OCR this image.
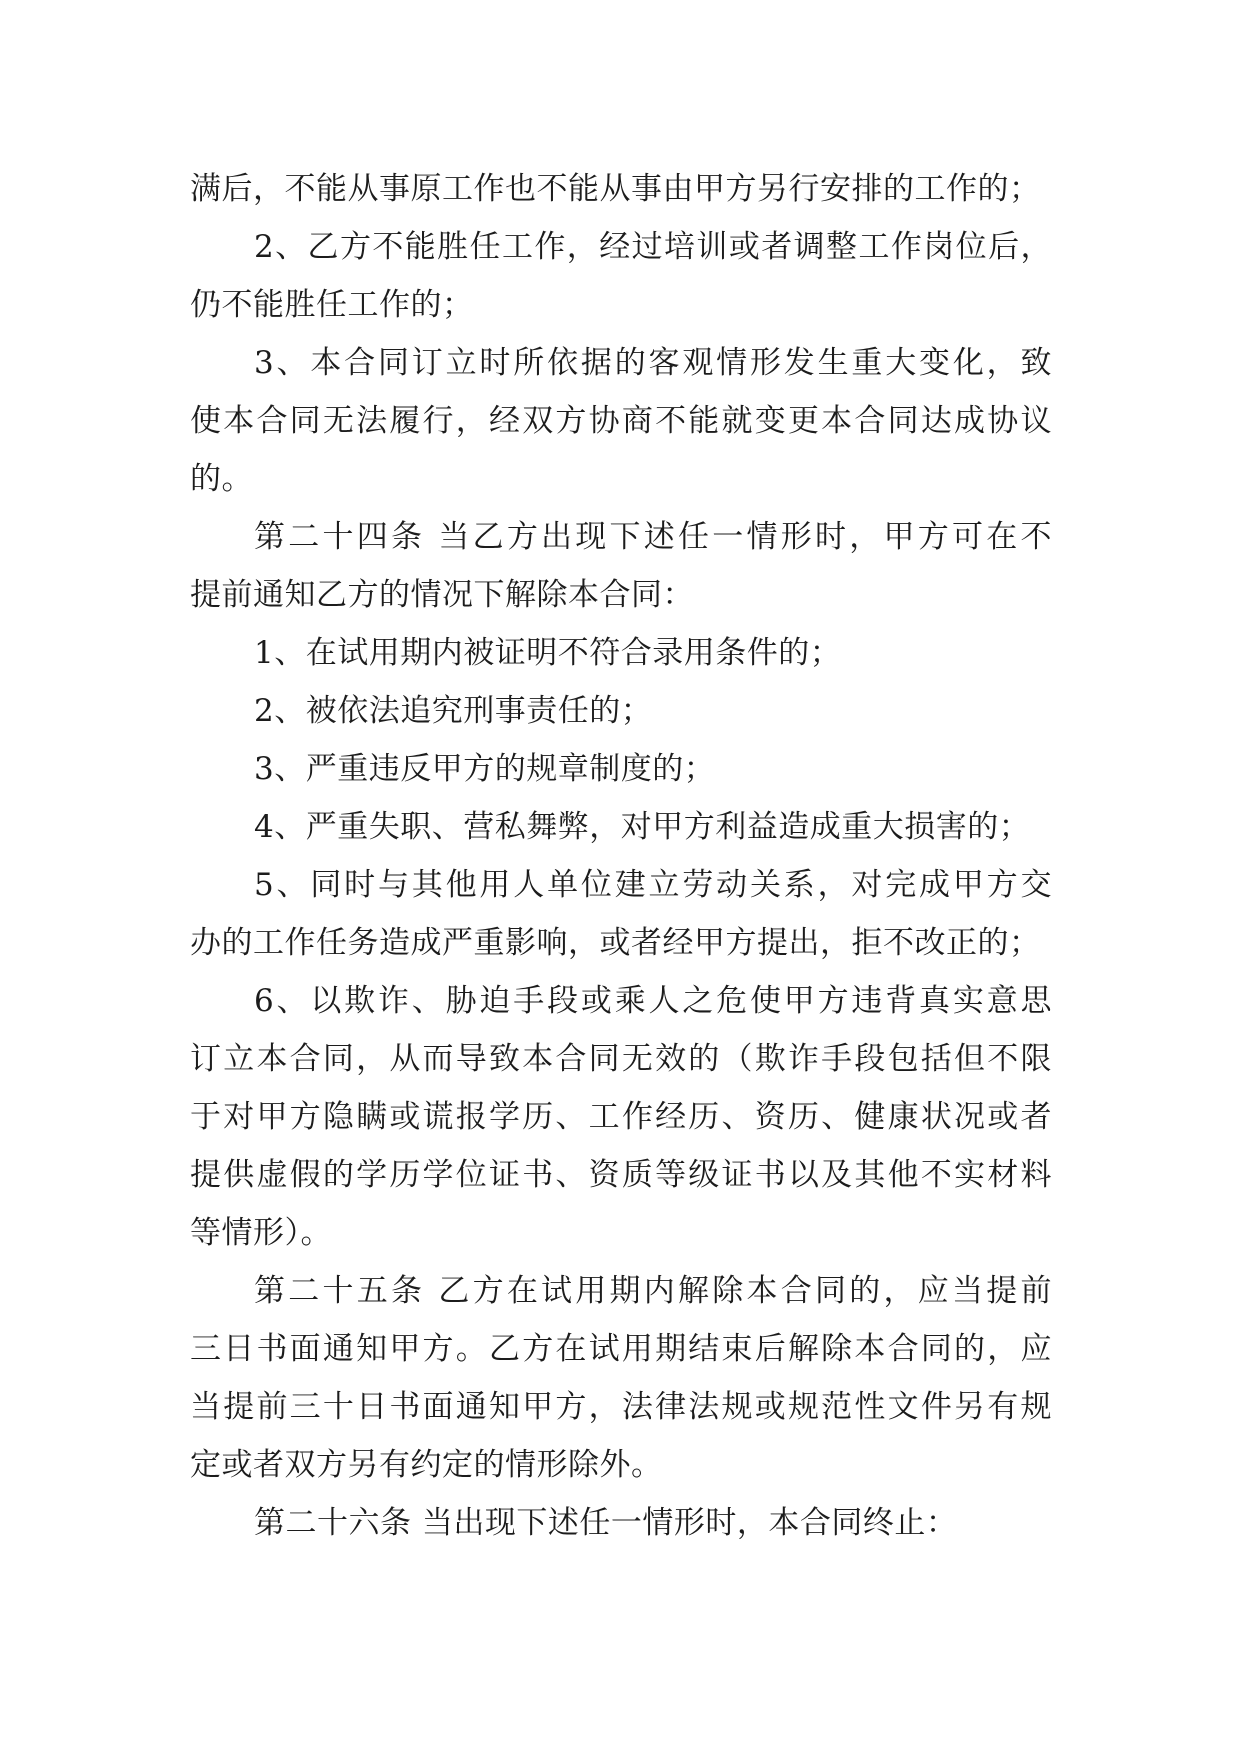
满后，不能从事原工作也不能从事由甲方另行安排的工作的；
2、乙方不能胜任工作，经过培训或者调整工作岗位后，
仍不能胜任工作的；
3、本合同订立时所依据的客观情形发生重大变化，致
使本合同无法履行，经双方协商不能就变更本合同达成协议
的。
第二十四条 当乙方出现下述任一情形时，甲方可在不
提前通知乙方的情况下解除本合同：
1、在试用期内被证明不符合录用条件的；
2、被依法追究刑事责任的；
3、严重违反甲方的规章制度的；
4、严重失职、营私舞弊，对甲方利益造成重大损害的；
5、同时与其他用人单位建立劳动关系，对完成甲方交
办的工作任务造成严重影响，或者经甲方提出，拒不改正的；
6、以欺诈、胁迫手段或乘人之危使甲方违背真实意思
订立本合同，从而导致本合同无效的（欺诈手段包括但不限
于对甲方隐瞒或谎报学历、工作经历、资历、健康状况或者
提供虚假的学历学位证书、资质等级证书以及其他不实材料
等情形）。
第二十五条 乙方在试用期内解除本合同的，应当提前
三日书面通知甲方。乙方在试用期结束后解除本合同的，应
当提前三十日书面通知甲方，法律法规或规范性文件另有规
定或者双方另有约定的情形除外。
第二十六条 当出现下述任一情形时，本合同终止：
